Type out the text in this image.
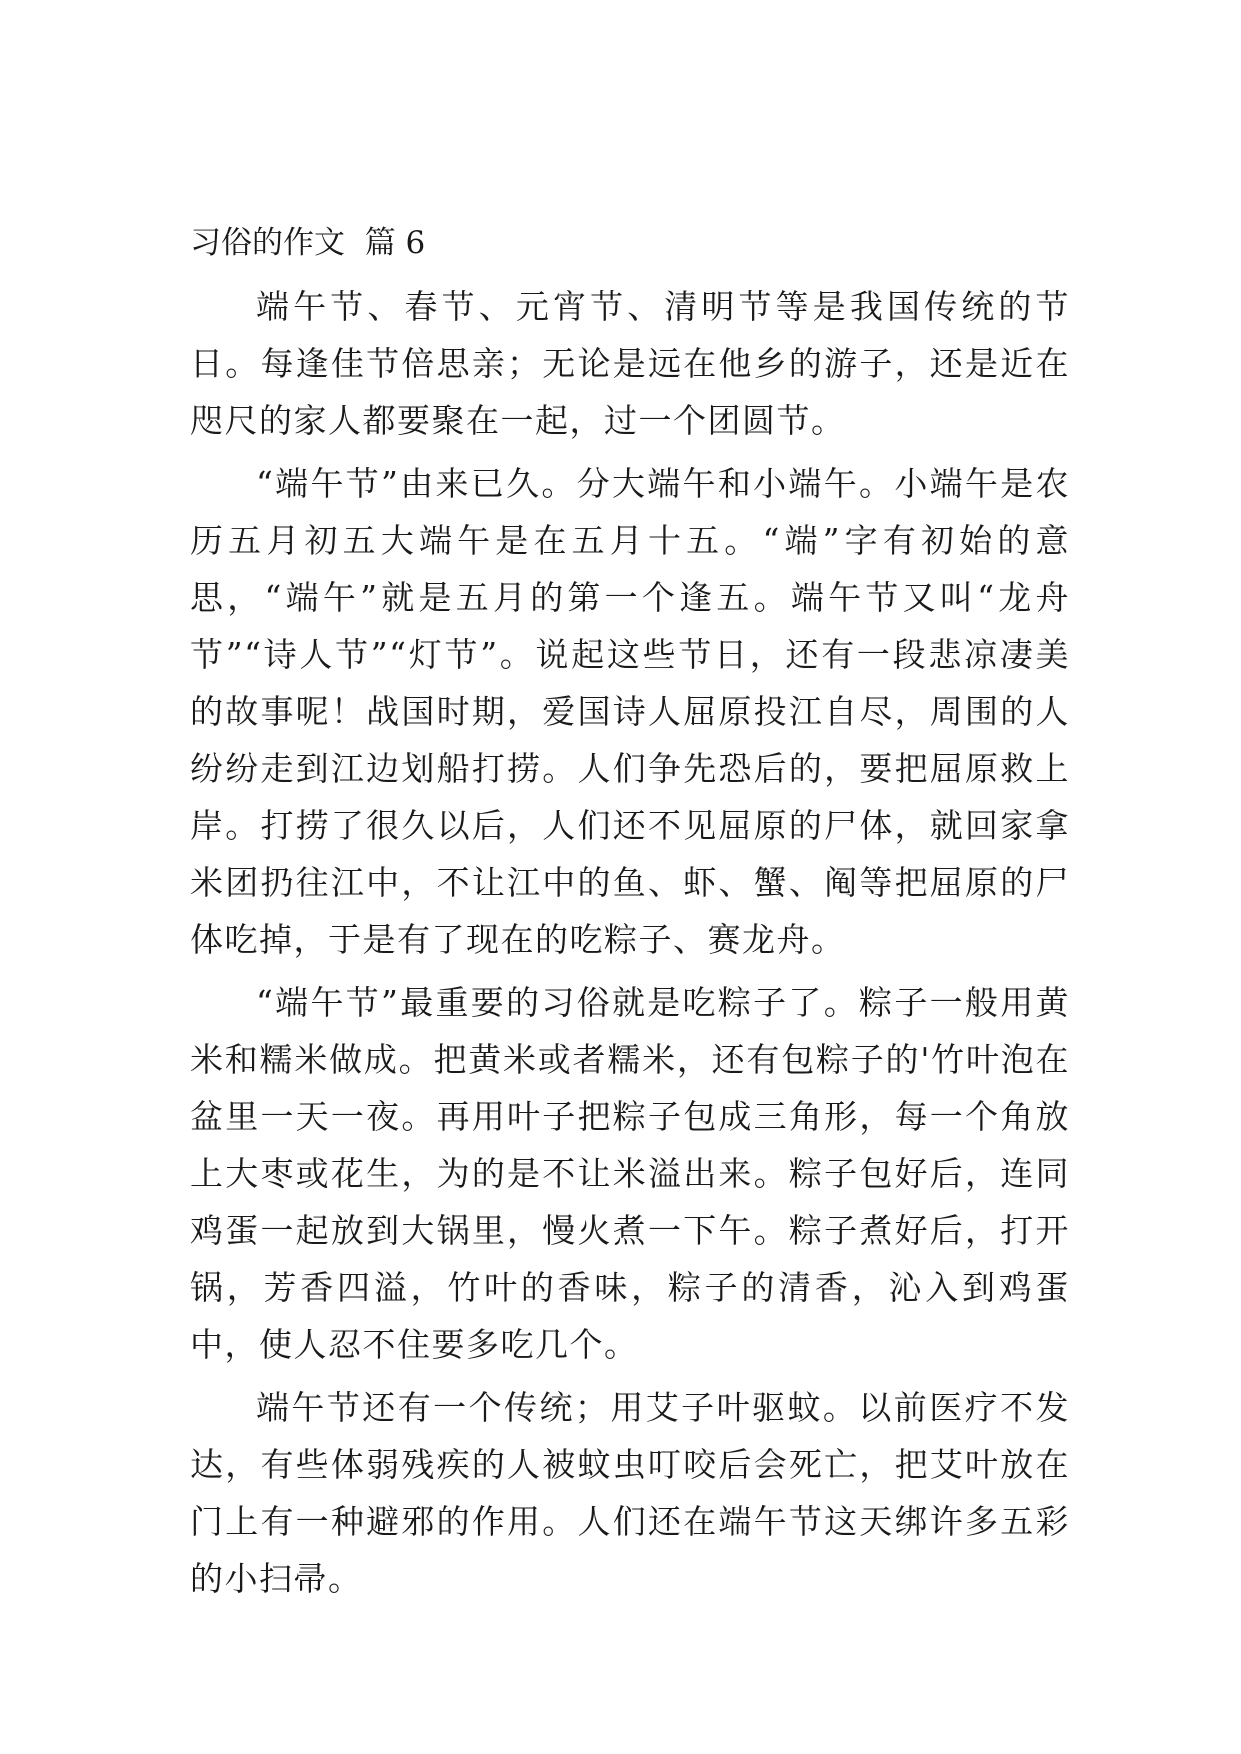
习俗的作文  篇 6

端午节、春节、元宵节、清明节等是我国传统的节日。每逢佳节倍思亲；无论是远在他乡的游子，还是近在咫尺的家人都要聚在一起，过一个团圆节。

“端午节”由来已久。分大端午和小端午。小端午是农历五月初五大端午是在五月十五。“端”字有初始的意思，“端午”就是五月的第一个逢五。端午节又叫“龙舟节”“诗人节”“灯节”。说起这些节日，还有一段悲凉凄美的故事呢！战国时期，爱国诗人屈原投江自尽，周围的人纷纷走到江边划船打捞。人们争先恐后的，要把屈原救上岸。打捞了很久以后，人们还不见屈原的尸体，就回家拿米团扔往江中，不让江中的鱼、虾、蟹、阄等把屈原的尸体吃掉，于是有了现在的吃粽子、赛龙舟。

“端午节”最重要的习俗就是吃粽子了。粽子一般用黄米和糯米做成。把黄米或者糯米，还有包粽子的'竹叶泡在盆里一天一夜。再用叶子把粽子包成三角形，每一个角放上大枣或花生，为的是不让米溢出来。粽子包好后，连同鸡蛋一起放到大锅里，慢火煮一下午。粽子煮好后，打开锅，芳香四溢，竹叶的香味，粽子的清香，沁入到鸡蛋中，使人忍不住要多吃几个。

端午节还有一个传统；用艾子叶驱蚊。以前医疗不发达，有些体弱残疾的人被蚊虫叮咬后会死亡，把艾叶放在门上有一种避邪的作用。人们还在端午节这天绑许多五彩的小扫帚。
